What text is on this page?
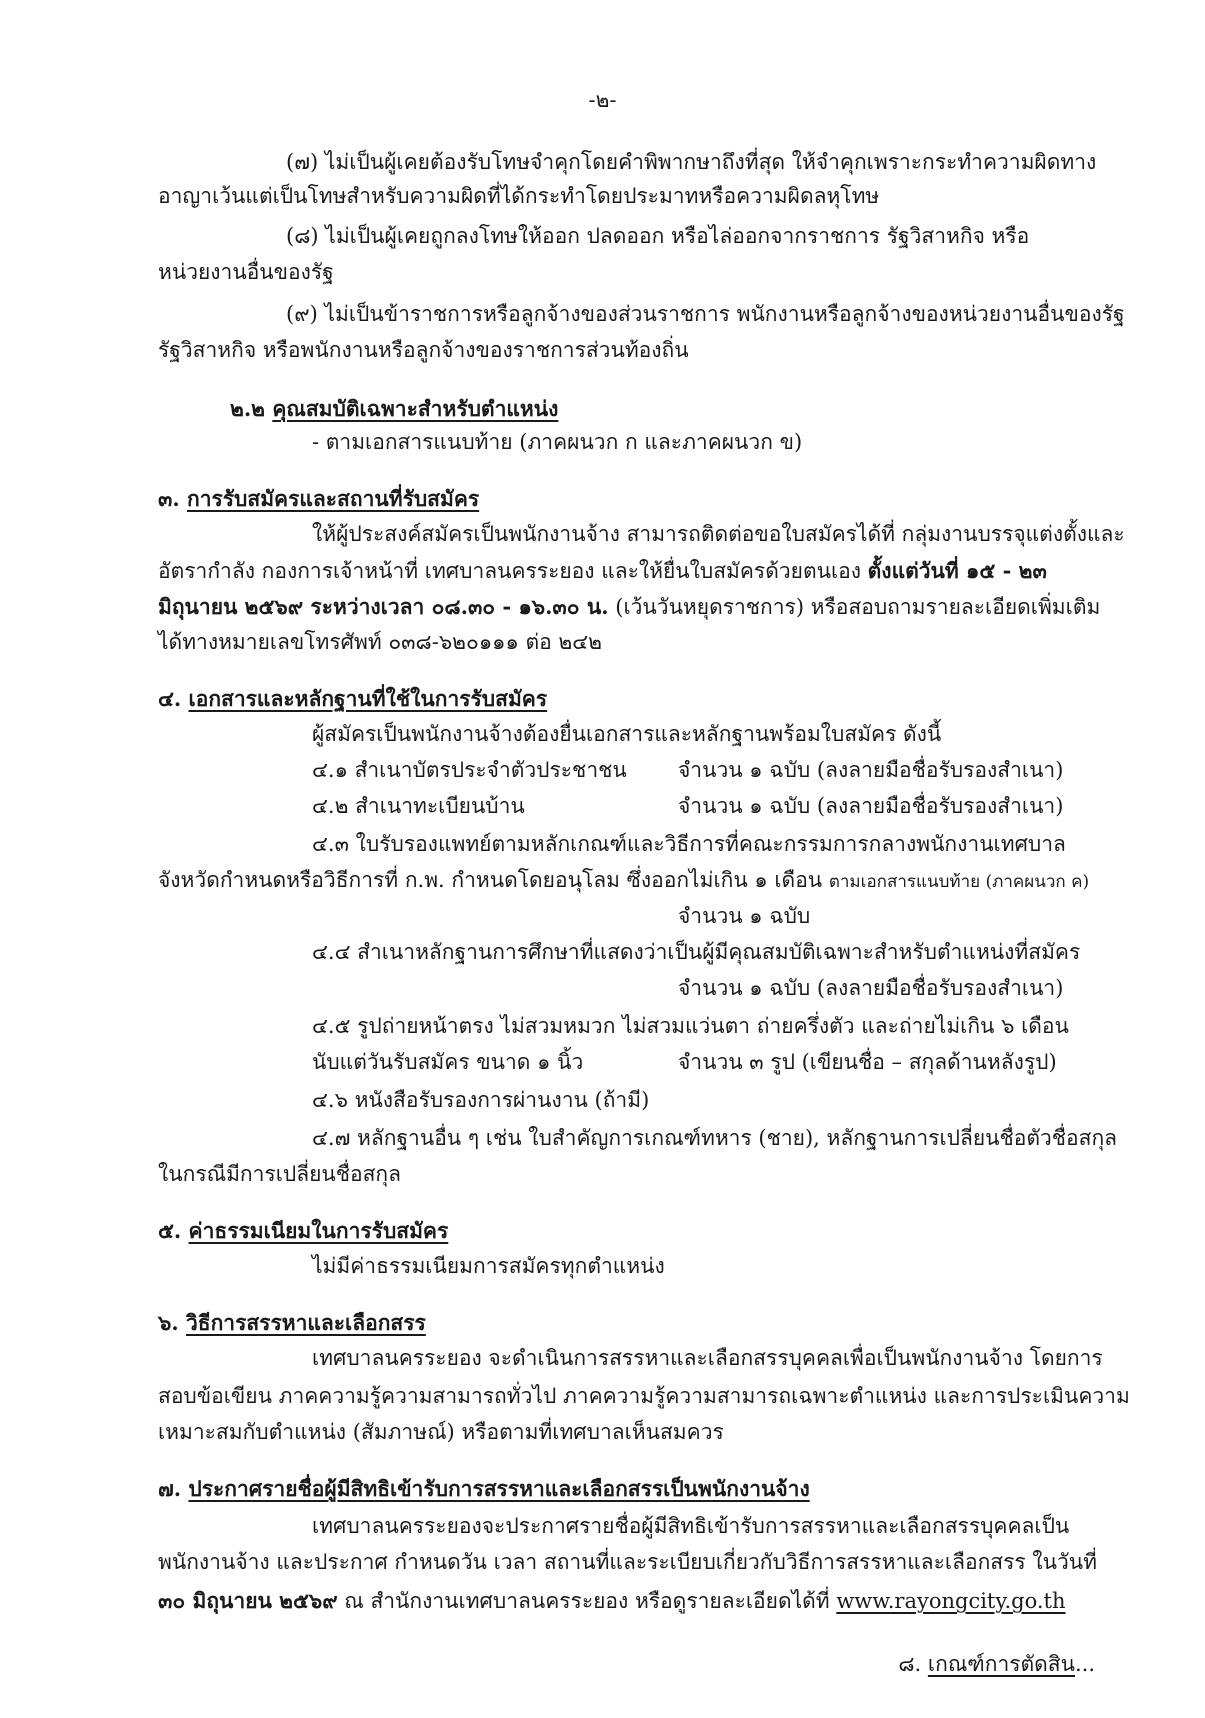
-๒-
(๗) ไม่เป็นผู้เคยต้องรับโทษจำคุกโดยคำพิพากษาถึงที่สุด ให้จำคุกเพราะกระทำความผิดทาง
อาญาเว้นแต่เป็นโทษสำหรับความผิดที่ได้กระทำโดยประมาทหรือความผิดลหุโทษ
(๘) ไม่เป็นผู้เคยถูกลงโทษให้ออก ปลดออก หรือไล่ออกจากราชการ รัฐวิสาหกิจ หรือ
หน่วยงานอื่นของรัฐ
(๙) ไม่เป็นข้าราชการหรือลูกจ้างของส่วนราชการ พนักงานหรือลูกจ้างของหน่วยงานอื่นของรัฐ
รัฐวิสาหกิจ หรือพนักงานหรือลูกจ้างของราชการส่วนท้องถิ่น
๒.๒ คุณสมบัติเฉพาะสำหรับตำแหน่ง
- ตามเอกสารแนบท้าย (ภาคผนวก ก และภาคผนวก ข)
๓. การรับสมัครและสถานที่รับสมัคร
ให้ผู้ประสงค์สมัครเป็นพนักงานจ้าง สามารถติดต่อขอใบสมัครได้ที่ กลุ่มงานบรรจุแต่งตั้งและ
อัตรากำลัง กองการเจ้าหน้าที่ เทศบาลนครระยอง และให้ยื่นใบสมัครด้วยตนเอง ตั้งแต่วันที่ ๑๕ - ๒๓
มิถุนายน ๒๕๖๙ ระหว่างเวลา ๐๘.๓๐ - ๑๖.๓๐ น. (เว้นวันหยุดราชการ) หรือสอบถามรายละเอียดเพิ่มเติม
ได้ทางหมายเลขโทรศัพท์ ๐๓๘-๖๒๐๑๑๑ ต่อ ๒๔๒
๔. เอกสารและหลักฐานที่ใช้ในการรับสมัคร
ผู้สมัครเป็นพนักงานจ้างต้องยื่นเอกสารและหลักฐานพร้อมใบสมัคร ดังนี้
๔.๑ สำเนาบัตรประจำตัวประชาชน จำนวน ๑ ฉบับ (ลงลายมือชื่อรับรองสำเนา)
๔.๒ สำเนาทะเบียนบ้าน	จำนวน ๑ ฉบับ (ลงลายมือชื่อรับรองสำเนา)
๔.๓ ใบรับรองแพทย์ตามหลักเกณฑ์และวิธีการที่คณะกรรมการกลางพนักงานเทศบาล
จังหวัดกำหนดหรือวิธีการที่ ก.พ. กำหนดโดยอนุโลม ซึ่งออกไม่เกิน ๑ เดือน ตามเอกสารแนบท้าย (ภาคผนวก ค)
จำนวน ๑ ฉบับ
๔.๔ สำเนาหลักฐานการศึกษาที่แสดงว่าเป็นผู้มีคุณสมบัติเฉพาะสำหรับตำแหน่งที่สมัคร
จำนวน ๑ ฉบับ (ลงลายมือชื่อรับรองสำเนา)
๔.๕ รูปถ่ายหน้าตรง ไม่สวมหมวก ไม่สวมแว่นตา ถ่ายครึ่งตัว และถ่ายไม่เกิน ๖ เดือน
นับแต่วันรับสมัคร ขนาด ๑ นิ้ว	จำนวน ๓ รูป (เขียนชื่อ – สกุลด้านหลังรูป)
๔.๖ หนังสือรับรองการผ่านงาน (ถ้ามี)
๔.๗ หลักฐานอื่น ๆ เช่น ใบสำคัญการเกณฑ์ทหาร (ชาย), หลักฐานการเปลี่ยนชื่อตัวชื่อสกุล
ในกรณีมีการเปลี่ยนชื่อสกุล
๕. ค่าธรรมเนียมในการรับสมัคร
ไม่มีค่าธรรมเนียมการสมัครทุกตำแหน่ง
๖. วิธีการสรรหาและเลือกสรร
เทศบาลนครระยอง จะดำเนินการสรรหาและเลือกสรรบุคคลเพื่อเป็นพนักงานจ้าง โดยการ
สอบข้อเขียน ภาคความรู้ความสามารถทั่วไป ภาคความรู้ความสามารถเฉพาะตำแหน่ง และการประเมินความ
เหมาะสมกับตำแหน่ง (สัมภาษณ์) หรือตามที่เทศบาลเห็นสมควร
๗. ประกาศรายชื่อผู้มีสิทธิเข้ารับการสรรหาและเลือกสรรเป็นพนักงานจ้าง
เทศบาลนครระยองจะประกาศรายชื่อผู้มีสิทธิเข้ารับการสรรหาและเลือกสรรบุคคลเป็น
พนักงานจ้าง และประกาศ กำหนดวัน เวลา สถานที่และระเบียบเกี่ยวกับวิธีการสรรหาและเลือกสรร ในวันที่
๓๐ มิถุนายน ๒๕๖๙ ณ สำนักงานเทศบาลนครระยอง หรือดูรายละเอียดได้ที่ www.rayongcity.go.th
๘. เกณฑ์การตัดสิน...
